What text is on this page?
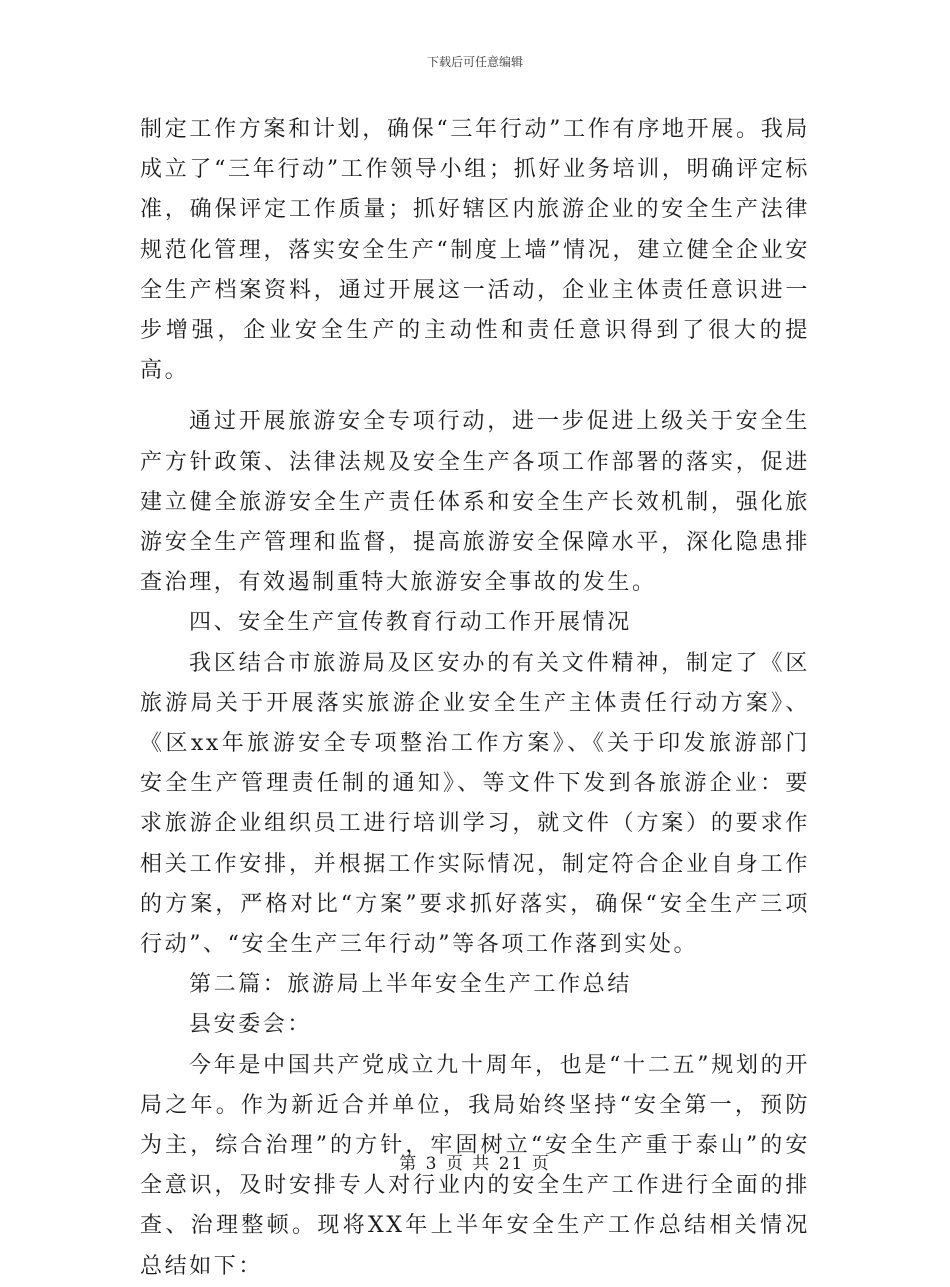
下载后可任意编辑

制定工作方案和计划，确保“三年行动”工作有序地开展。我局成立了“三年行动”工作领导小组；抓好业务培训，明确评定标准，确保评定工作质量；抓好辖区内旅游企业的安全生产法律规范化管理，落实安全生产“制度上墙”情况，建立健全企业安全生产档案资料，通过开展这一活动，企业主体责任意识进一步增强，企业安全生产的主动性和责任意识得到了很大的提高。

通过开展旅游安全专项行动，进一步促进上级关于安全生产方针政策、法律法规及安全生产各项工作部署的落实，促进建立健全旅游安全生产责任体系和安全生产长效机制，强化旅游安全生产管理和监督，提高旅游安全保障水平，深化隐患排查治理，有效遏制重特大旅游安全事故的发生。

四、安全生产宣传教育行动工作开展情况

我区结合市旅游局及区安办的有关文件精神，制定了《区旅游局关于开展落实旅游企业安全生产主体责任行动方案》、《区xx年旅游安全专项整治工作方案》、《关于印发旅游部门安全生产管理责任制的通知》、等文件下发到各旅游企业：要求旅游企业组织员工进行培训学习，就文件（方案）的要求作相关工作安排，并根据工作实际情况，制定符合企业自身工作的方案，严格对比“方案”要求抓好落实，确保“安全生产三项行动”、“安全生产三年行动”等各项工作落到实处。

第二篇：旅游局上半年安全生产工作总结

县安委会：

今年是中国共产党成立九十周年，也是“十二五”规划的开局之年。作为新近合并单位，我局始终坚持“安全第一，预防为主，综合治理”的方针，牢固树立“安全生产重于泰山”的安全意识，及时安排专人对行业内的安全生产工作进行全面的排查、治理整顿。现将XX年上半年安全生产工作总结相关情况总结如下：

第 3 页 共 21 页
